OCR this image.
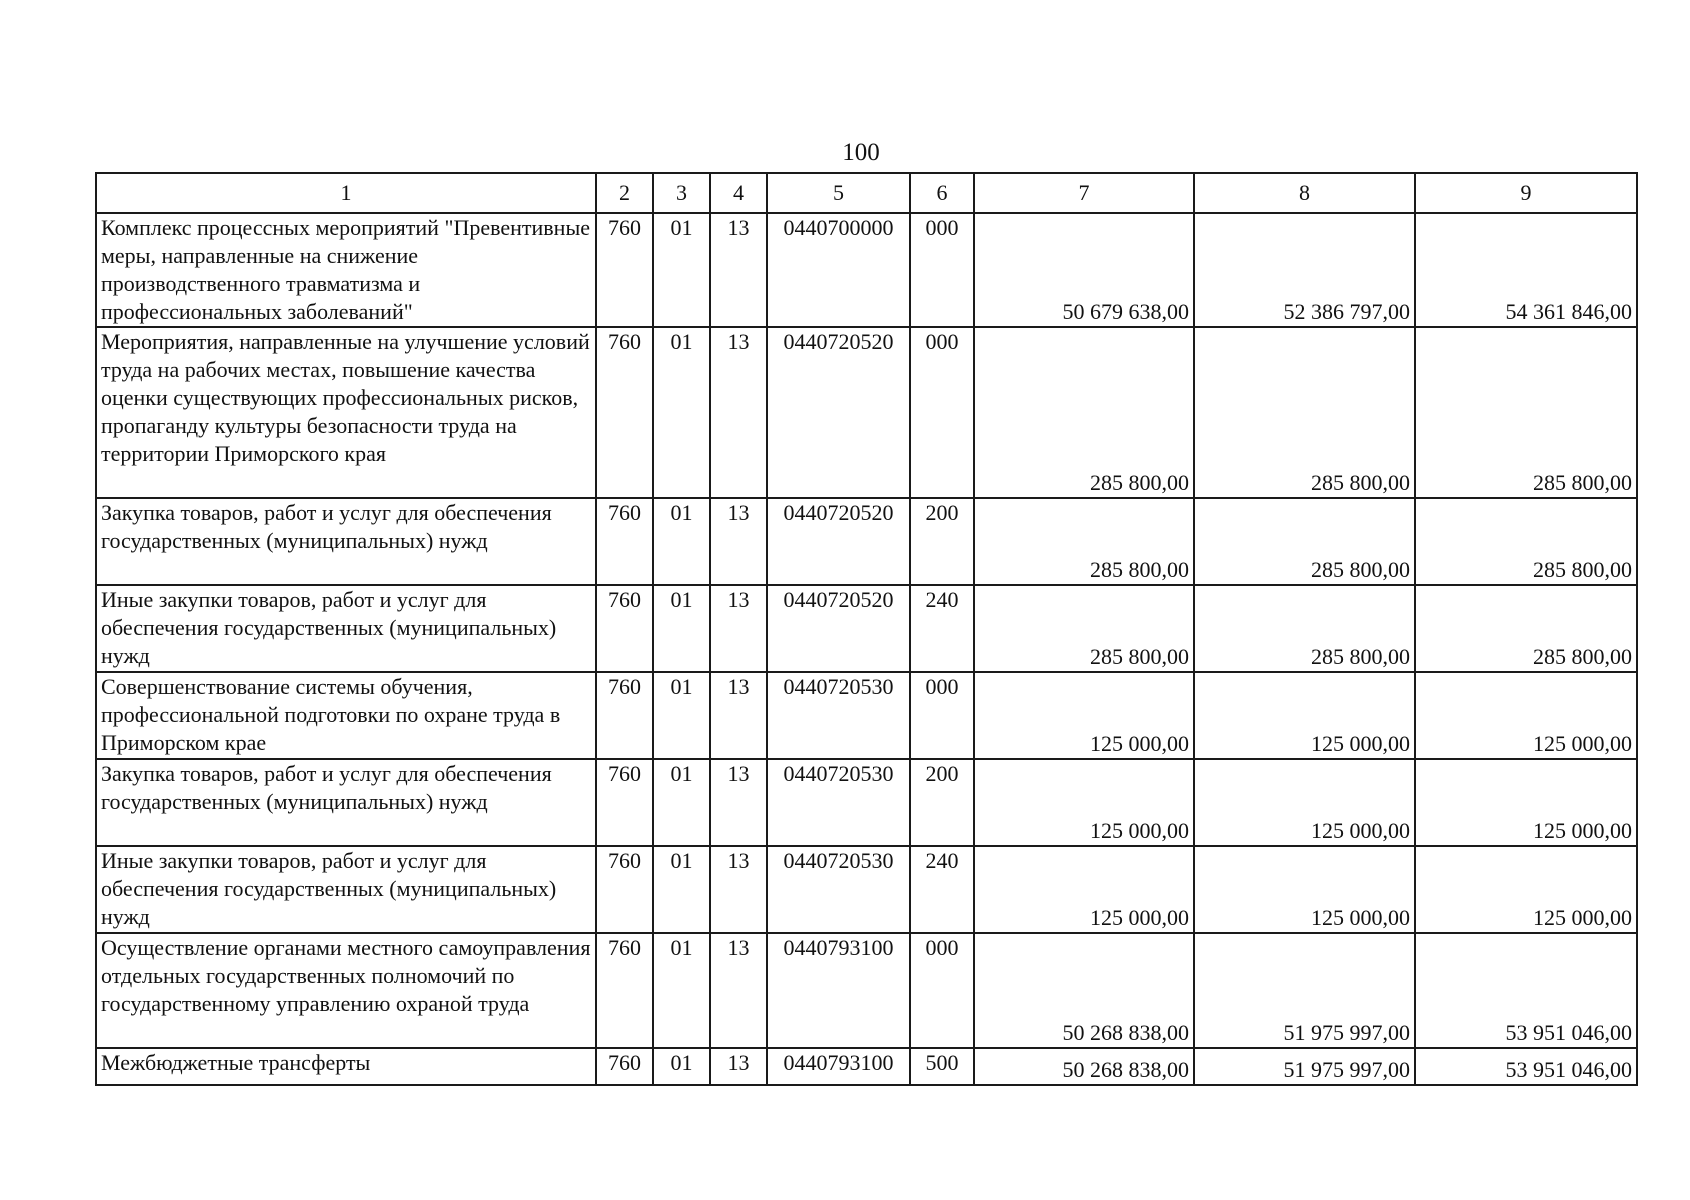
100
1	2	3	4	5	6	7	8	9
Комплекс процессных мероприятий "Превентивные меры, направленные на снижение производственного травматизма и профессиональных заболеваний"	760	01	13	0440700000	000	50 679 638,00	52 386 797,00	54 361 846,00
Мероприятия, направленные на улучшение условий труда на рабочих местах, повышение качества оценки существующих профессиональных рисков, пропаганду культуры безопасности труда на территории Приморского края	760	01	13	0440720520	000	285 800,00	285 800,00	285 800,00
Закупка товаров, работ и услуг для обеспечения государственных (муниципальных) нужд	760	01	13	0440720520	200	285 800,00	285 800,00	285 800,00
Иные закупки товаров, работ и услуг для обеспечения государственных (муниципальных) нужд	760	01	13	0440720520	240	285 800,00	285 800,00	285 800,00
Совершенствование системы обучения, профессиональной подготовки по охране труда в Приморском крае	760	01	13	0440720530	000	125 000,00	125 000,00	125 000,00
Закупка товаров, работ и услуг для обеспечения государственных (муниципальных) нужд	760	01	13	0440720530	200	125 000,00	125 000,00	125 000,00
Иные закупки товаров, работ и услуг для обеспечения государственных (муниципальных) нужд	760	01	13	0440720530	240	125 000,00	125 000,00	125 000,00
Осуществление органами местного самоуправления отдельных государственных полномочий по государственному управлению охраной труда	760	01	13	0440793100	000	50 268 838,00	51 975 997,00	53 951 046,00
Межбюджетные трансферты	760	01	13	0440793100	500	50 268 838,00	51 975 997,00	53 951 046,00
